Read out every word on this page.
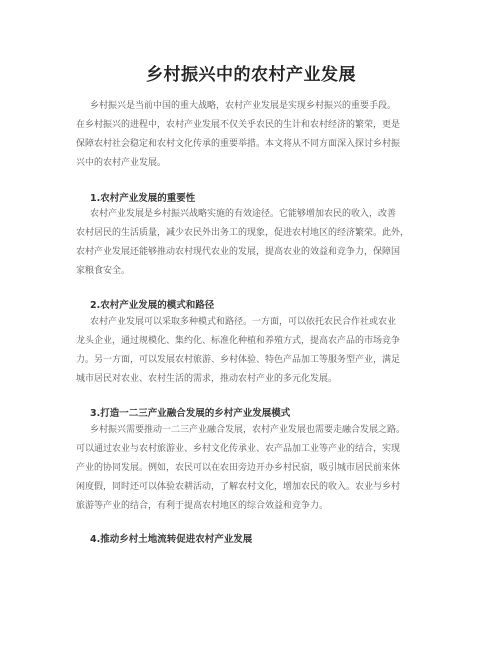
乡村振兴中的农村产业发展

乡村振兴是当前中国的重大战略，农村产业发展是实现乡村振兴的重要手段。
在乡村振兴的进程中，农村产业发展不仅关乎农民的生计和农村经济的繁荣，更是
保障农村社会稳定和农村文化传承的重要举措。本文将从不同方面深入探讨乡村振
兴中的农村产业发展。

1.农村产业发展的重要性

农村产业发展是乡村振兴战略实施的有效途径。它能够增加农民的收入，改善
农村居民的生活质量，减少农民外出务工的现象，促进农村地区的经济繁荣。此外，
农村产业发展还能够推动农村现代农业的发展，提高农业的效益和竞争力，保障国
家粮食安全。

2.农村产业发展的模式和路径

农村产业发展可以采取多种模式和路径。一方面，可以依托农民合作社或农业
龙头企业，通过规模化、集约化、标准化种植和养殖方式，提高农产品的市场竞争
力。另一方面，可以发展农村旅游、乡村体验、特色产品加工等服务型产业，满足
城市居民对农业、农村生活的需求，推动农村产业的多元化发展。

3.打造一二三产业融合发展的乡村产业发展模式

乡村振兴需要推动一二三产业融合发展，农村产业发展也需要走融合发展之路。
可以通过农业与农村旅游业、乡村文化传承业、农产品加工业等产业的结合，实现
产业的协同发展。例如，农民可以在农田旁边开办乡村民宿，吸引城市居民前来休
闲度假，同时还可以体验农耕活动，了解农村文化，增加农民的收入。农业与乡村
旅游等产业的结合，有利于提高农村地区的综合效益和竞争力。

4.推动乡村土地流转促进农村产业发展
